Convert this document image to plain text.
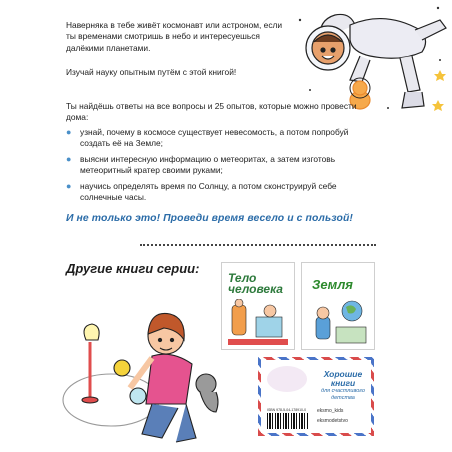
Наверняка в тебе живёт космонавт или астроном, если ты временами смотришь в небо и интересуешься далёкими планетами.

Изучай науку опытным путём с этой книгой!

Ты найдёшь ответы на все вопросы и 25 опытов, которые можно провести дома:

● узнай, почему в космосе существует невесомость, а потом попробуй создать её на Земле;
● выясни интересную информацию о метеоритах, а затем изготовь метеоритный кратер своими руками;
● научись определять время по Солнцу, а потом сконструируй себе солнечные часы.
И не только это! Проведи время весело и с пользой!
Другие книги серии:
Тело
человека Земля
Хорошие
книги
для счастливого
детства
ISBN 978-5-04-178910-0 eksmo_kids
eksmodetstvo
